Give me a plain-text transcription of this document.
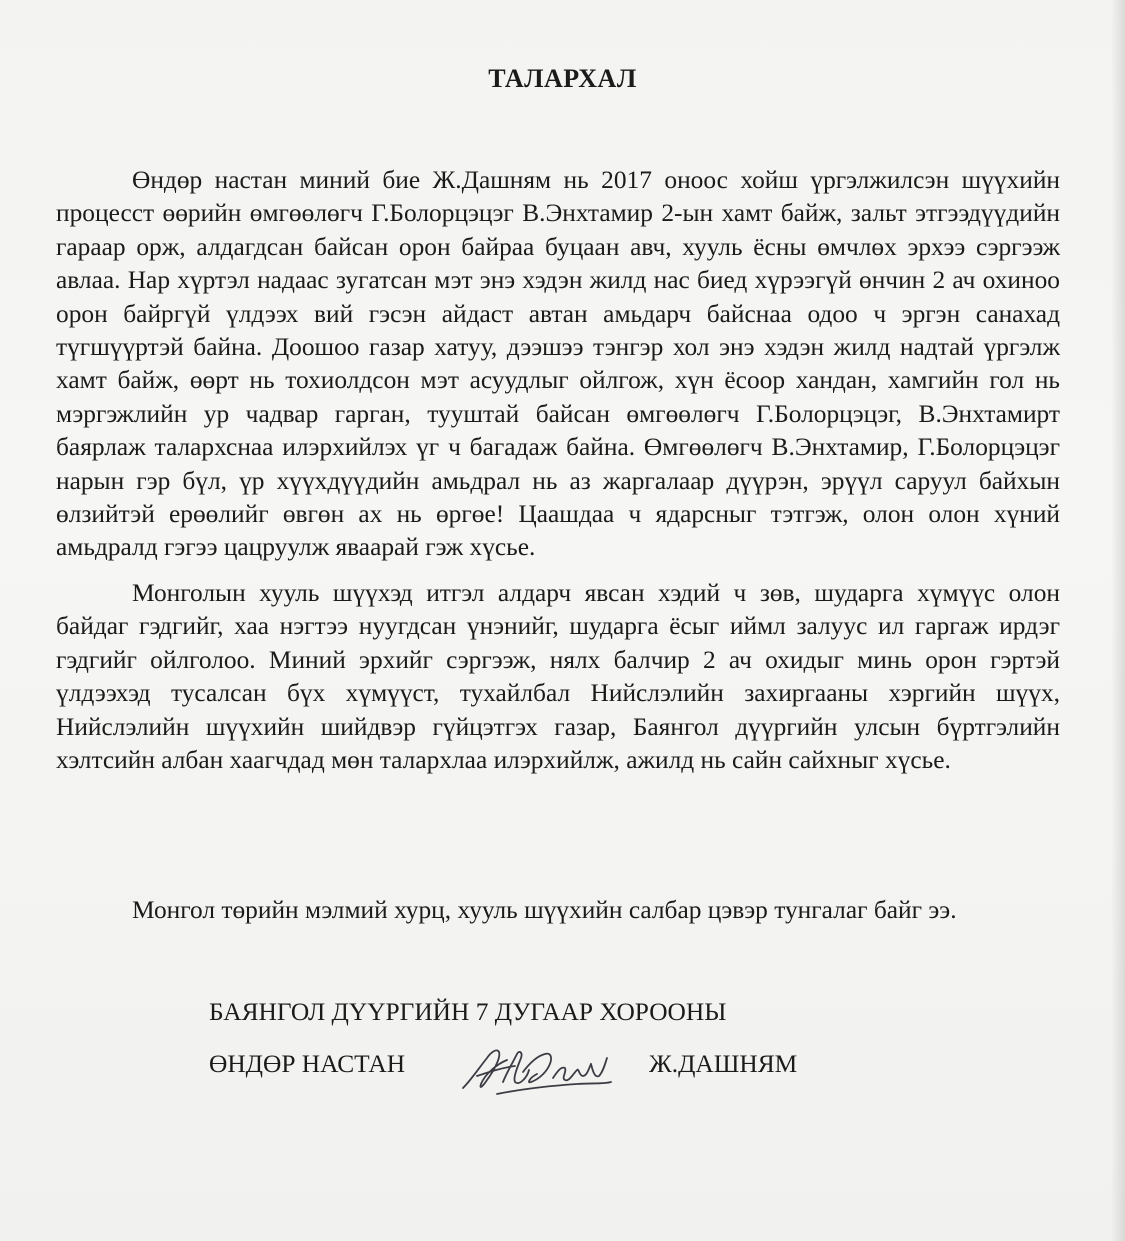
ТАЛАРХАЛ

Өндөр настан миний бие Ж.Дашням нь 2017 оноос хойш үргэлжилсэн шүүхийн процесст өөрийн өмгөөлөгч Г.Болорцэцэг В.Энхтамир 2-ын хамт байж, зальт этгээдүүдийн гараар орж, алдагдсан байсан орон байраа буцаан авч, хууль ёсны өмчлөх эрхээ сэргээж авлаа. Нар хүртэл надаас зугатсан мэт энэ хэдэн жилд нас биед хүрээгүй өнчин 2 ач охиноо орон байргүй үлдээх вий гэсэн айдаст автан амьдарч байснаа одоо ч эргэн санахад түгшүүртэй байна. Доошоо газар хатуу, дээшээ тэнгэр хол энэ хэдэн жилд надтай үргэлж хамт байж, өөрт нь тохиолдсон мэт асуудлыг ойлгож, хүн ёсоор хандан, хамгийн гол нь мэргэжлийн ур чадвар гарган, тууштай байсан өмгөөлөгч Г.Болорцэцэг, В.Энхтамирт баярлаж талархснаа илэрхийлэх үг ч багадаж байна. Өмгөөлөгч В.Энхтамир, Г.Болорцэцэг нарын гэр бүл, үр хүүхдүүдийн амьдрал нь аз жаргалаар дүүрэн, эрүүл саруул байхын өлзийтэй ерөөлийг өвгөн ах нь өргөе! Цаашдаа ч ядарсныг тэтгэж, олон олон хүний амьдралд гэгээ цацруулж яваарай гэж хүсье.

Монголын хууль шүүхэд итгэл алдарч явсан хэдий ч зөв, шударга хүмүүс олон байдаг гэдгийг, хаа нэгтээ нуугдсан үнэнийг, шударга ёсыг иймл залуус ил гаргаж ирдэг гэдгийг ойлголоо. Миний эрхийг сэргээж, нялх балчир 2 ач охидыг минь орон гэртэй үлдээхэд тусалсан бүх хүмүүст, тухайлбал Нийслэлийн захиргааны хэргийн шүүх, Нийслэлийн шүүхийн шийдвэр гүйцэтгэх газар, Баянгол дүүргийн улсын бүртгэлийн хэлтсийн албан хаагчдад мөн талархлаа илэрхийлж, ажилд нь сайн сайхныг хүсье.

Монгол төрийн мэлмий хурц, хууль шүүхийн салбар цэвэр тунгалаг байг ээ.

БАЯНГОЛ ДҮҮРГИЙН 7 ДУГААР ХОРООНЫ

ӨНДӨР НАСТАН	Ж.ДАШНЯМ
